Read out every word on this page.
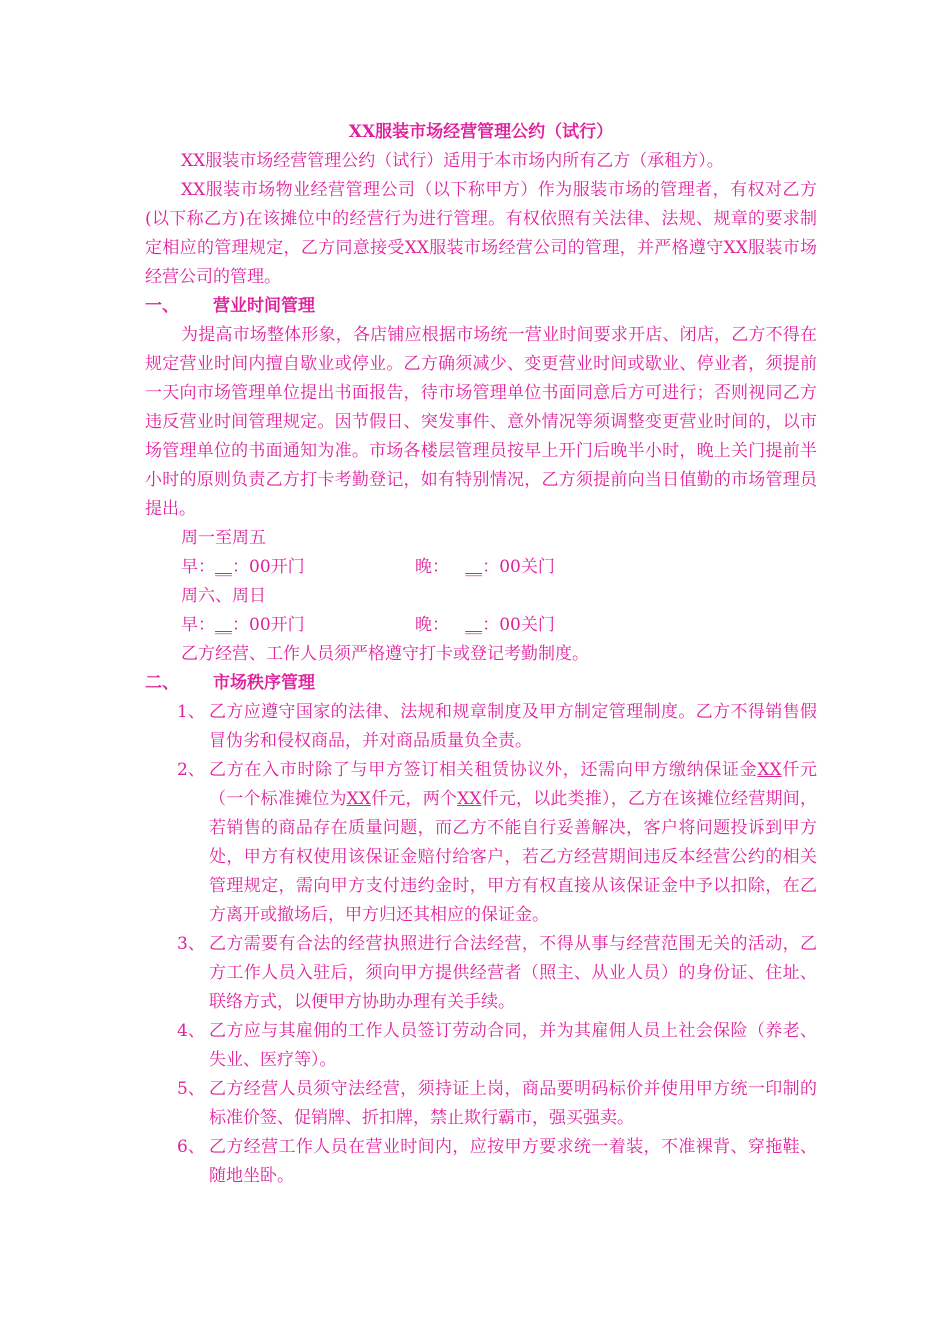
XX服装市场经营管理公约（试行）

XX服装市场经营管理公约（试行）适用于本市场内所有乙方（承租方）。

XX服装市场物业经营管理公司（以下称甲方）作为服装市场的管理者，有权对乙方(以下称乙方)在该摊位中的经营行为进行管理。有权依照有关法律、法规、规章的要求制定相应的管理规定，乙方同意接受XX服装市场经营公司的管理，并严格遵守XX服装市场经营公司的管理。

一、	营业时间管理

为提高市场整体形象，各店铺应根据市场统一营业时间要求开店、闭店，乙方不得在规定营业时间内擅自歇业或停业。乙方确须减少、变更营业时间或歇业、停业者，须提前一天向市场管理单位提出书面报告，待市场管理单位书面同意后方可进行；否则视同乙方违反营业时间管理规定。因节假日、突发事件、意外情况等须调整变更营业时间的，以市场管理单位的书面通知为准。市场各楼层管理员按早上开门后晚半小时，晚上关门提前半小时的原则负责乙方打卡考勤登记，如有特别情况，乙方须提前向当日值勤的市场管理员提出。

周一至周五

早：__：00开门	晚： __：00关门

周六、周日

早：__：00开门	晚： __：00关门

乙方经营、工作人员须严格遵守打卡或登记考勤制度。

二、	市场秩序管理
1、 乙方应遵守国家的法律、法规和规章制度及甲方制定管理制度。乙方不得销售假冒伪劣和侵权商品，并对商品质量负全责。
2、 乙方在入市时除了与甲方签订相关租赁协议外，还需向甲方缴纳保证金XX仟元（一个标准摊位为XX仟元，两个XX仟元，以此类推），乙方在该摊位经营期间，若销售的商品存在质量问题，而乙方不能自行妥善解决，客户将问题投诉到甲方处，甲方有权使用该保证金赔付给客户，若乙方经营期间违反本经营公约的相关管理规定，需向甲方支付违约金时，甲方有权直接从该保证金中予以扣除，在乙方离开或撤场后，甲方归还其相应的保证金。
3、 乙方需要有合法的经营执照进行合法经营，不得从事与经营范围无关的活动，乙方工作人员入驻后，须向甲方提供经营者（照主、从业人员）的身份证、住址、联络方式，以便甲方协助办理有关手续。
4、 乙方应与其雇佣的工作人员签订劳动合同，并为其雇佣人员上社会保险（养老、失业、医疗等）。
5、 乙方经营人员须守法经营，须持证上岗，商品要明码标价并使用甲方统一印制的标准价签、促销牌、折扣牌，禁止欺行霸市，强买强卖。
6、 乙方经营工作人员在营业时间内，应按甲方要求统一着装，不准裸背、穿拖鞋、随地坐卧。
